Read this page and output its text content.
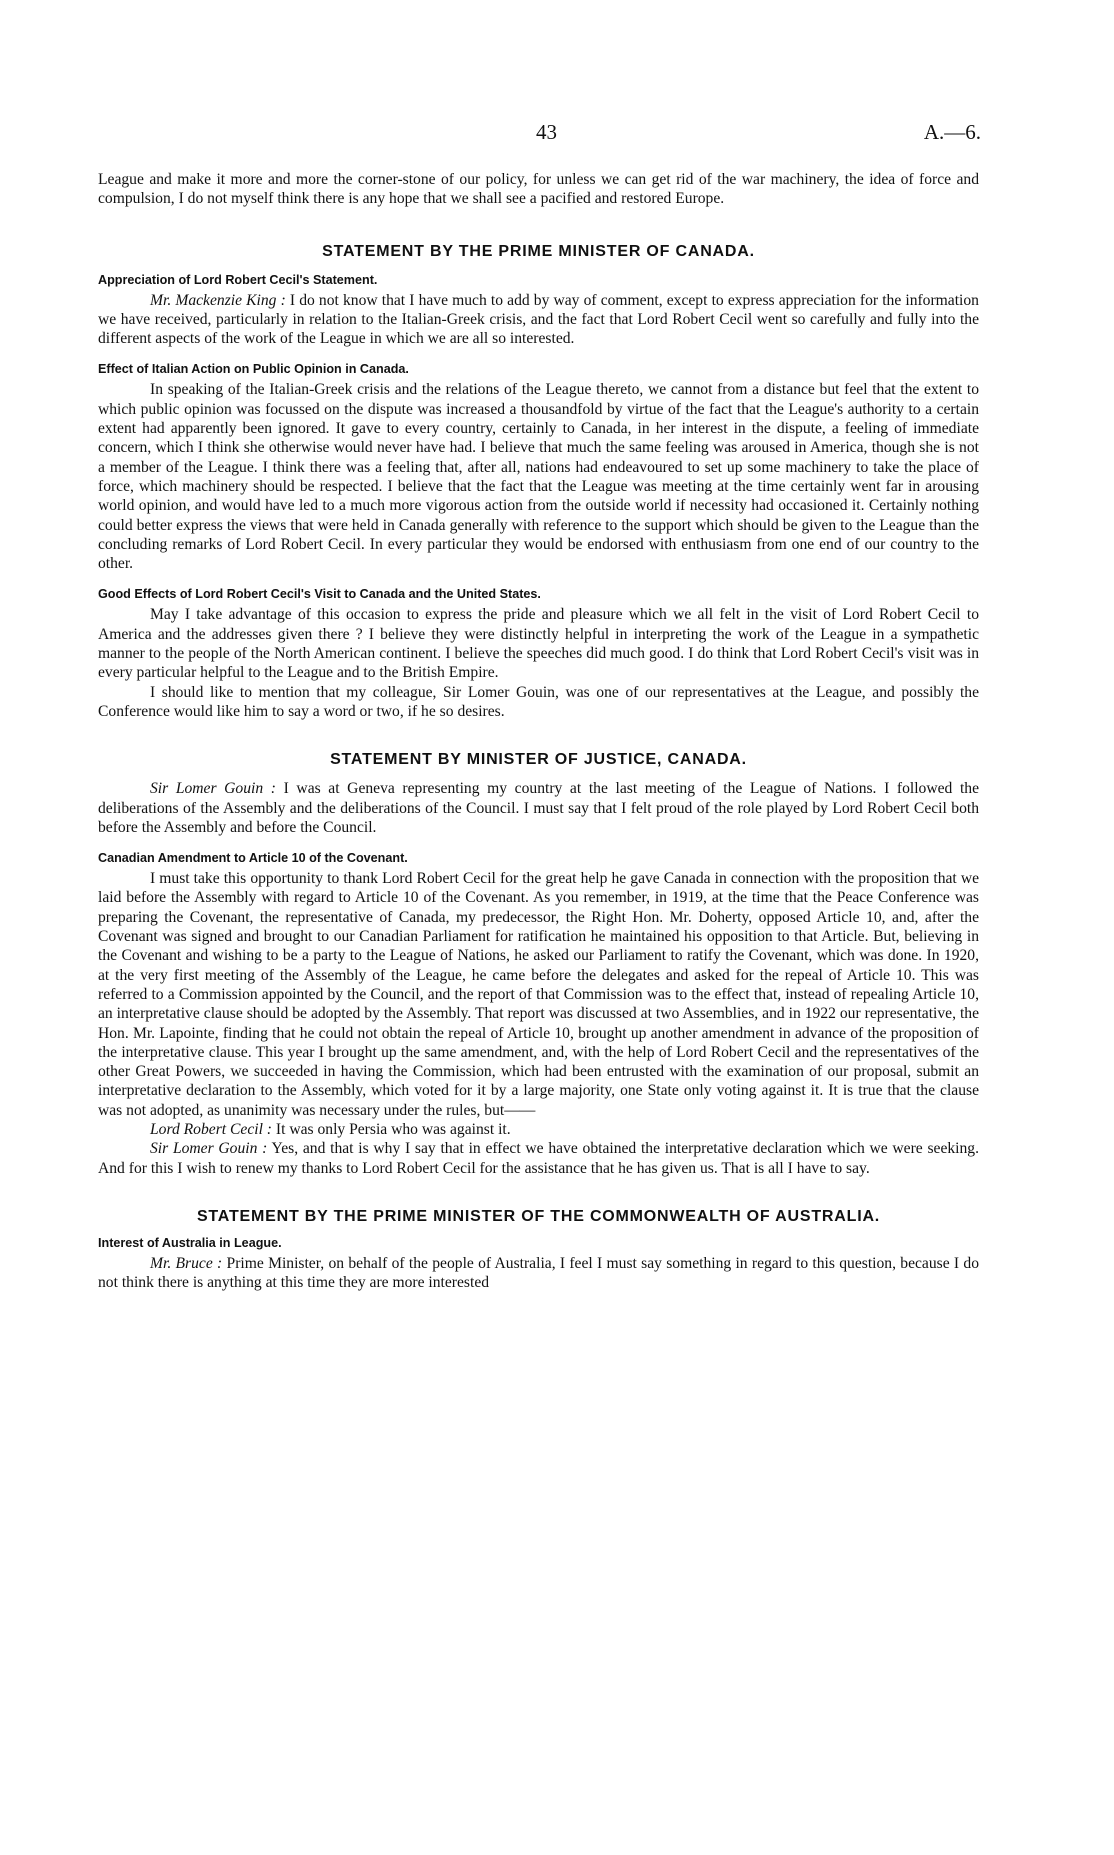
43	A.—6.

League and make it more and more the corner-stone of our policy, for unless we can get rid of the war machinery, the idea of force and compulsion, I do not myself think there is any hope that we shall see a pacified and restored Europe.

STATEMENT BY THE PRIME MINISTER OF CANADA.
Appreciation of Lord Robert Cecil's Statement.

Mr. Mackenzie King : I do not know that I have much to add by way of comment, except to express appreciation for the information we have received, particularly in relation to the Italian-Greek crisis, and the fact that Lord Robert Cecil went so carefully and fully into the different aspects of the work of the League in which we are all so interested.

Effect of Italian Action on Public Opinion in Canada.

In speaking of the Italian-Greek crisis and the relations of the League thereto, we cannot from a distance but feel that the extent to which public opinion was focussed on the dispute was increased a thousandfold by virtue of the fact that the League's authority to a certain extent had apparently been ignored. It gave to every country, certainly to Canada, in her interest in the dispute, a feeling of immediate concern, which I think she otherwise would never have had. I believe that much the same feeling was aroused in America, though she is not a member of the League. I think there was a feeling that, after all, nations had endeavoured to set up some machinery to take the place of force, which machinery should be respected. I believe that the fact that the League was meeting at the time certainly went far in arousing world opinion, and would have led to a much more vigorous action from the outside world if necessity had occasioned it. Certainly nothing could better express the views that were held in Canada generally with reference to the support which should be given to the League than the concluding remarks of Lord Robert Cecil. In every particular they would be endorsed with enthusiasm from one end of our country to the other.

Good Effects of Lord Robert Cecil's Visit to Canada and the United States.

May I take advantage of this occasion to express the pride and pleasure which we all felt in the visit of Lord Robert Cecil to America and the addresses given there ? I believe they were distinctly helpful in interpreting the work of the League in a sympathetic manner to the people of the North American continent. I believe the speeches did much good. I do think that Lord Robert Cecil's visit was in every particular helpful to the League and to the British Empire.

I should like to mention that my colleague, Sir Lomer Gouin, was one of our representatives at the League, and possibly the Conference would like him to say a word or two, if he so desires.

STATEMENT BY MINISTER OF JUSTICE, CANADA.

Sir Lomer Gouin : I was at Geneva representing my country at the last meeting of the League of Nations. I followed the deliberations of the Assembly and the deliberations of the Council. I must say that I felt proud of the role played by Lord Robert Cecil both before the Assembly and before the Council.

Canadian Amendment to Article 10 of the Covenant.

I must take this opportunity to thank Lord Robert Cecil for the great help he gave Canada in connection with the proposition that we laid before the Assembly with regard to Article 10 of the Covenant. As you remember, in 1919, at the time that the Peace Conference was preparing the Covenant, the representative of Canada, my predecessor, the Right Hon. Mr. Doherty, opposed Article 10, and, after the Covenant was signed and brought to our Canadian Parliament for ratification he maintained his opposition to that Article. But, believing in the Covenant and wishing to be a party to the League of Nations, he asked our Parliament to ratify the Covenant, which was done. In 1920, at the very first meeting of the Assembly of the League, he came before the delegates and asked for the repeal of Article 10. This was referred to a Commission appointed by the Council, and the report of that Commission was to the effect that, instead of repealing Article 10, an interpretative clause should be adopted by the Assembly. That report was discussed at two Assemblies, and in 1922 our representative, the Hon. Mr. Lapointe, finding that he could not obtain the repeal of Article 10, brought up another amendment in advance of the proposition of the interpretative clause. This year I brought up the same amendment, and, with the help of Lord Robert Cecil and the representatives of the other Great Powers, we succeeded in having the Commission, which had been entrusted with the examination of our proposal, submit an interpretative declaration to the Assembly, which voted for it by a large majority, one State only voting against it. It is true that the clause was not adopted, as unanimity was necessary under the rules, but——

Lord Robert Cecil : It was only Persia who was against it.

Sir Lomer Gouin : Yes, and that is why I say that in effect we have obtained the interpretative declaration which we were seeking. And for this I wish to renew my thanks to Lord Robert Cecil for the assistance that he has given us. That is all I have to say.

STATEMENT BY THE PRIME MINISTER OF THE COMMONWEALTH OF AUSTRALIA.
Interest of Australia in League.

Mr. Bruce : Prime Minister, on behalf of the people of Australia, I feel I must say something in regard to this question, because I do not think there is anything at this time they are more interested
